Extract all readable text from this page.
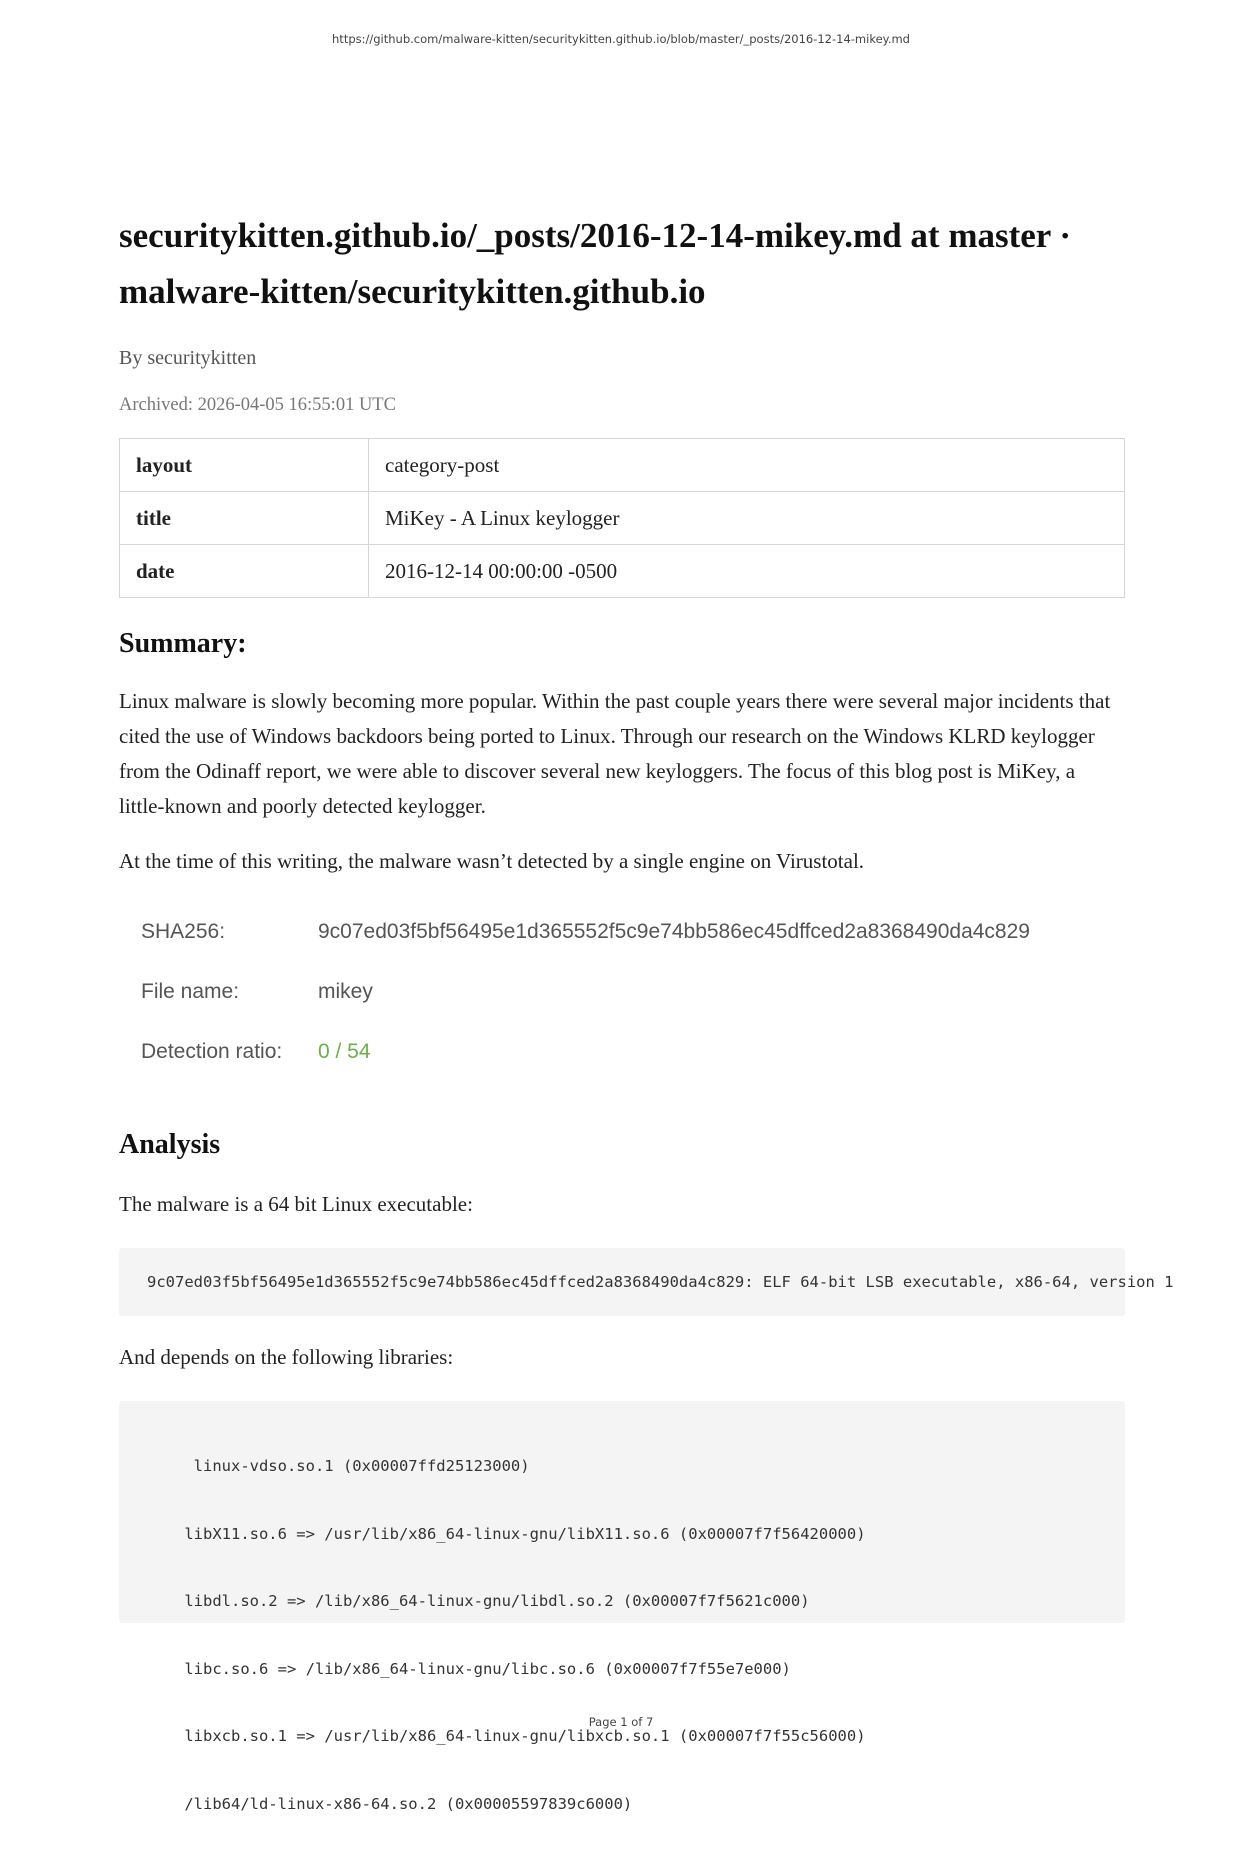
https://github.com/malware-kitten/securitykitten.github.io/blob/master/_posts/2016-12-14-mikey.md
securitykitten.github.io/_posts/2016-12-14-mikey.md at master · malware-kitten/securitykitten.github.io
By securitykitten
Archived: 2026-04-05 16:55:01 UTC
layout	category-post
title	MiKey - A Linux keylogger
date	2016-12-14 00:00:00 -0500
Summary:

Linux malware is slowly becoming more popular. Within the past couple years there were several major incidents that cited the use of Windows backdoors being ported to Linux. Through our research on the Windows KLRD keylogger from the Odinaff report, we were able to discover several new keyloggers. The focus of this blog post is MiKey, a little-known and poorly detected keylogger.

At the time of this writing, the malware wasn’t detected by a single engine on Virustotal.

SHA256:	9c07ed03f5bf56495e1d365552f5c9e74bb586ec45dffced2a8368490da4c829
File name:	mikey
Detection ratio: 0 / 54
Analysis

The malware is a 64 bit Linux executable:

9c07ed03f5bf56495e1d365552f5c9e74bb586ec45dffced2a8368490da4c829: ELF 64-bit LSB executable, x86-64, version 1

And depends on the following libraries:

linux-vdso.so.1 (0x00007ffd25123000)

libX11.so.6 => /usr/lib/x86_64-linux-gnu/libX11.so.6 (0x00007f7f56420000)

libdl.so.2 => /lib/x86_64-linux-gnu/libdl.so.2 (0x00007f7f5621c000)

libc.so.6 => /lib/x86_64-linux-gnu/libc.so.6 (0x00007f7f55e7e000)

libxcb.so.1 => /usr/lib/x86_64-linux-gnu/libxcb.so.1 (0x00007f7f55c56000)

/lib64/ld-linux-x86-64.so.2 (0x00005597839c6000)

Page 1 of 7
